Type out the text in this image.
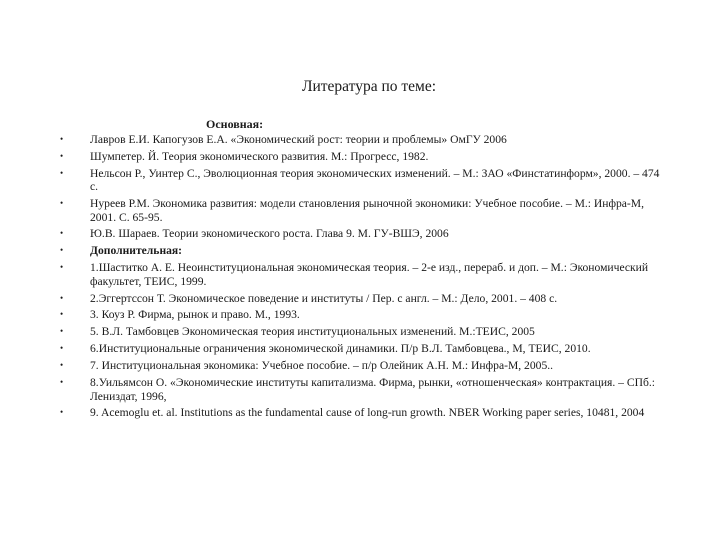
Литература по теме:
Основная:
• Лавров Е.И. Капогузов Е.А. «Экономический рост: теории и проблемы» ОмГУ 2006
• Шумпетер. Й. Теория экономического развития. М.: Прогресс, 1982.
• Нельсон Р., Уинтер С., Эволюционная теория экономических изменений. – М.: ЗАО «Финстатинформ», 2000. – 474 с.
• Нуреев Р.М. Экономика развития: модели становления рыночной экономики: Учебное пособие. – М.: Инфра-М, 2001. С. 65-95.
• Ю.В. Шараев. Теории экономического роста. Глава 9. М. ГУ-ВШЭ, 2006
• Дополнительная:
• 1.Шаститко А. Е. Неоинституциональная экономическая теория. – 2-е изд., перераб. и доп. – М.: Экономический факультет, ТЕИС, 1999.
• 2.Эггертссон Т. Экономическое поведение и институты / Пер. с англ. – М.: Дело, 2001. – 408 с.
• 3. Коуз Р. Фирма, рынок и право. М., 1993.
• 5. В.Л. Тамбовцев Экономическая теория институциональных изменений. М.:ТЕИС, 2005
• 6.Институциональные ограничения экономической динамики. П/р В.Л. Тамбовцева., М, ТЕИС, 2010.
• 7. Институциональная экономика: Учебное пособие. – п/р Олейник А.Н. М.: Инфра-М, 2005..
• 8.Уильямсон О. «Экономические институты капитализма. Фирма, рынки, «отношенческая» контрактация. – СПб.: Лениздат, 1996,
• 9. Acemoglu et. al. Institutions as the fundamental cause of long-run growth. NBER Working paper series, 10481, 2004
